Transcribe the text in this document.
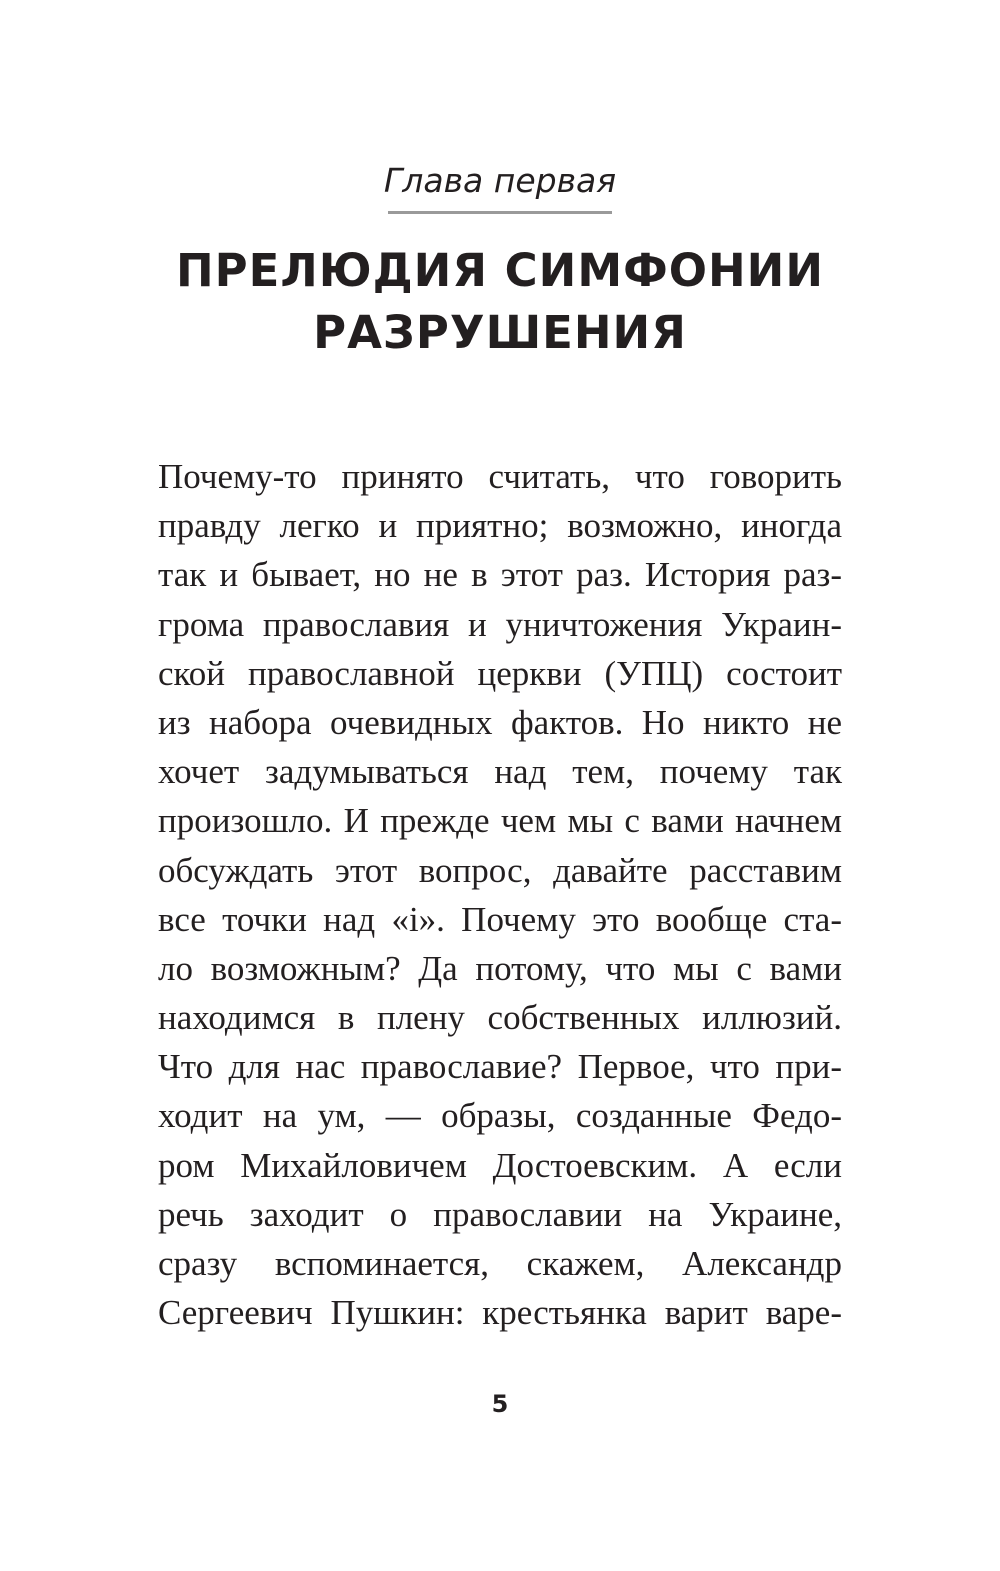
Глава первая
ПРЕЛЮДИЯ СИМФОНИИ
РАЗРУШЕНИЯ
Почему-то принято считать, что говорить
правду легко и приятно; возможно, иногда
так и бывает, но не в этот раз. История раз-
грома православия и уничтожения Украин-
ской православной церкви (УПЦ) состоит
из набора очевидных фактов. Но никто не
хочет задумываться над тем, почему так
произошло. И прежде чем мы с вами начнем
обсуждать этот вопрос, давайте расставим
все точки над «i». Почему это вообще ста-
ло возможным? Да потому, что мы с вами
находимся в плену собственных иллюзий.
Что для нас православие? Первое, что при-
ходит на ум, — образы, созданные Федо-
ром Михайловичем Достоевским. А если
речь заходит о православии на Украине,
сразу вспоминается, скажем, Александр
Сергеевич Пушкин: крестьянка варит варе-
5
